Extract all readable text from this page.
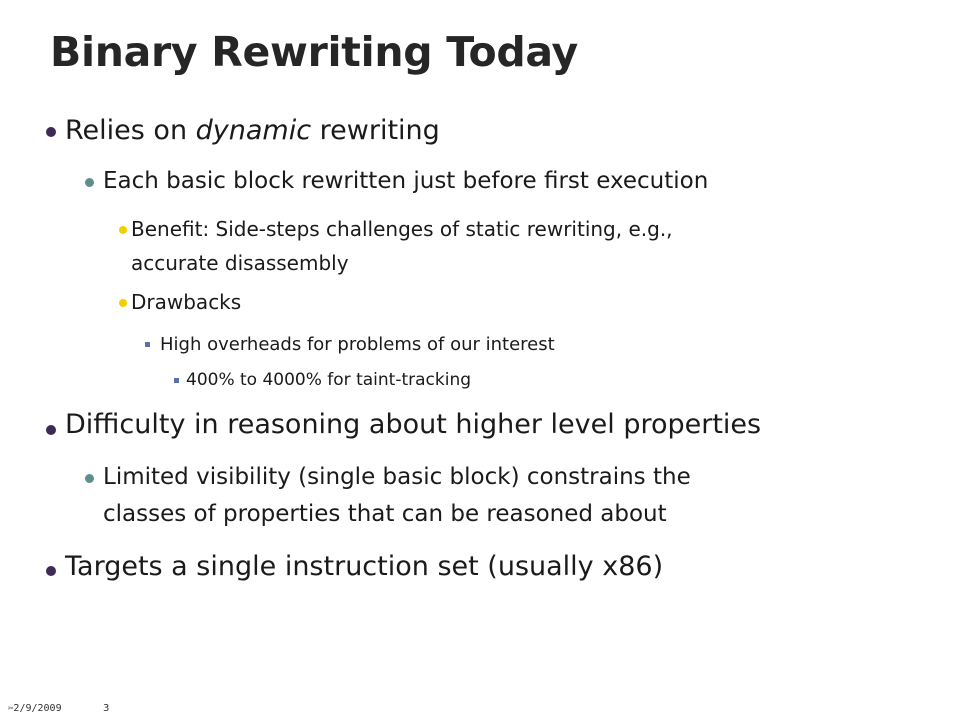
Binary Rewriting Today
Relies on dynamic rewriting
Each basic block rewritten just before first execution
Benefit: Side-steps challenges of static rewriting, e.g.,
accurate disassembly
Drawbacks
High overheads for problems of our interest
400% to 4000% for taint-tracking
Difficulty in reasoning about higher level properties
Limited visibility (single basic block) constrains the
classes of properties that can be reasoned about
Targets a single instruction set (usually x86)
✂2/9/2009	3
